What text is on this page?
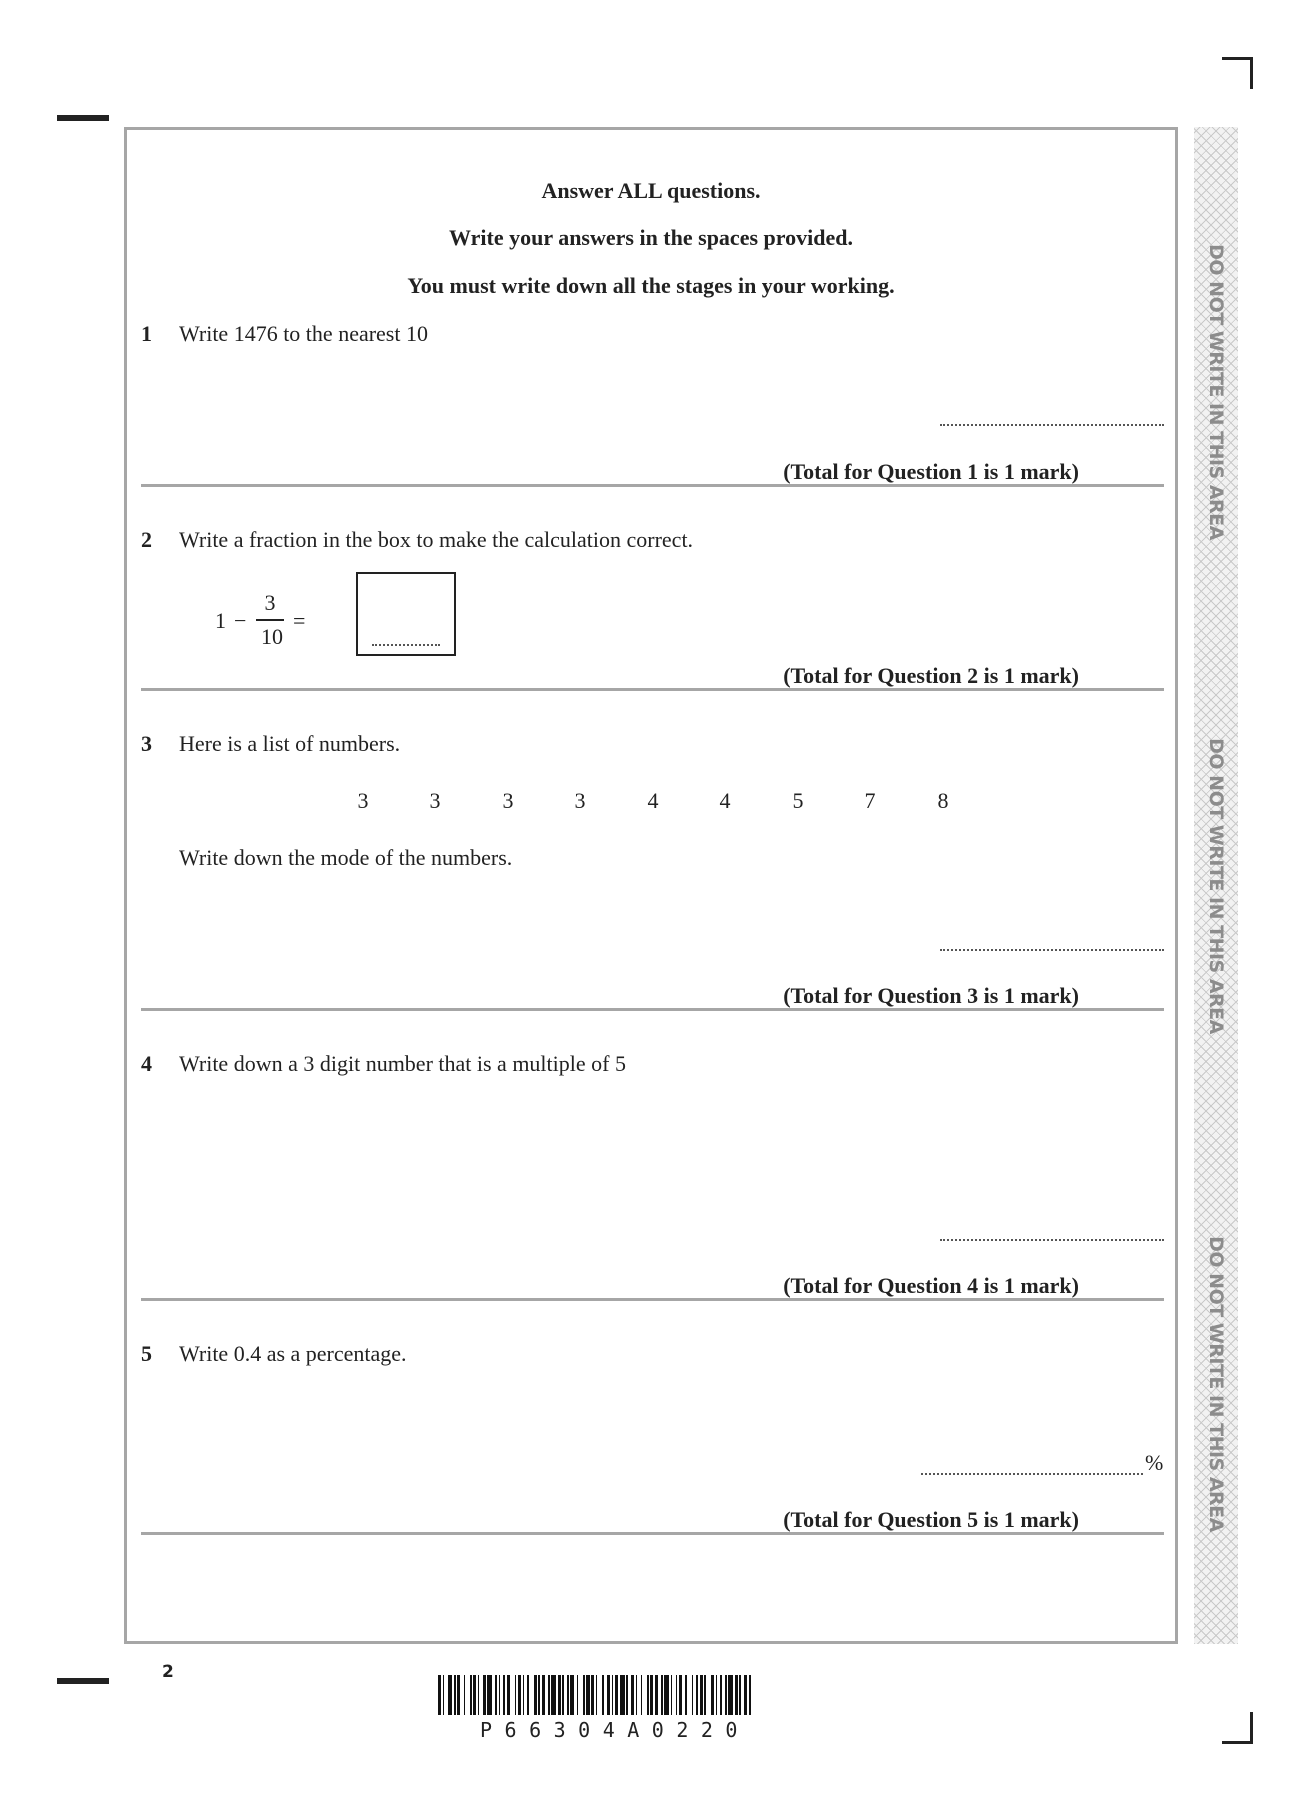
DO NOT WRITE IN THIS AREA
DO NOT WRITE IN THIS AREA
DO NOT WRITE IN THIS AREA
Answer ALL questions.
Write your answers in the spaces provided.
You must write down all the stages in your working.
1 Write 1476 to the nearest 10
(Total for Question 1 is 1 mark)
2 Write a fraction in the box to make the calculation correct.
1 −
3
10
=
(Total for Question 2 is 1 mark)
3 Here is a list of numbers.
3	3	3	3	4	4	5	7	8
Write down the mode of the numbers.
(Total for Question 3 is 1 mark)
4 Write down a 3 digit number that is a multiple of 5
(Total for Question 4 is 1 mark)
5 Write 0.4 as a percentage.
%
(Total for Question 5 is 1 mark)
2
P66304A0220
